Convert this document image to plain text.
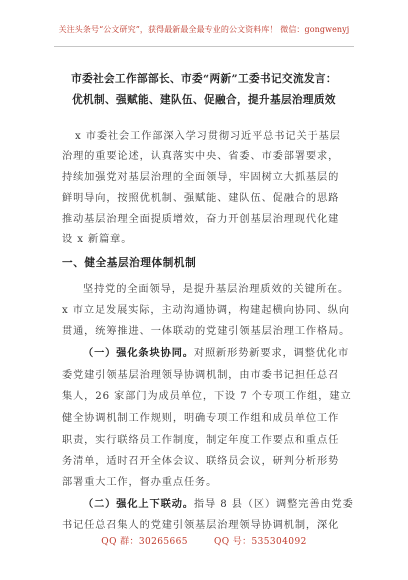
关注头条号“公文研究”，获得最新最全最专业的公文资料库！ 微信：gongwenyj
市委社会工作部部长、市委“两新”工委书记交流发言：
优机制、强赋能、建队伍、促融合，提升基层治理质效
x 市委社会工作部深入学习贯彻习近平总书记关于基层
治理的重要论述，认真落实中央、省委、市委部署要求，
持续加强党对基层治理的全面领导，牢固树立大抓基层的
鲜明导向，按照优机制、强赋能、建队伍、促融合的思路
推动基层治理全面提质增效，奋力开创基层治理现代化建
设 x 新篇章。
一、健全基层治理体制机制
坚持党的全面领导，是提升基层治理质效的关键所在。
x 市立足发展实际，主动沟通协调，构建起横向协同、纵向
贯通，统筹推进、一体联动的党建引领基层治理工作格局。
（一）强化条块协同。对照新形势新要求，调整优化市
委党建引领基层治理领导协调机制，由市委书记担任总召
集人，26 家部门为成员单位，下设 7 个专项工作组，建立
健全协调机制工作规则，明确专项工作组和成员单位工作
职责，实行联络员工作制度，制定年度工作要点和重点任
务清单，适时召开全体会议、联络员会议，研判分析形势
部署重大工作，督办重点任务。
（二）强化上下联动。指导 8 县（区）调整完善由党委
书记任总召集人的党建引领基层治理领导协调机制，深化
QQ 群：30265665	QQ 号：535304092
